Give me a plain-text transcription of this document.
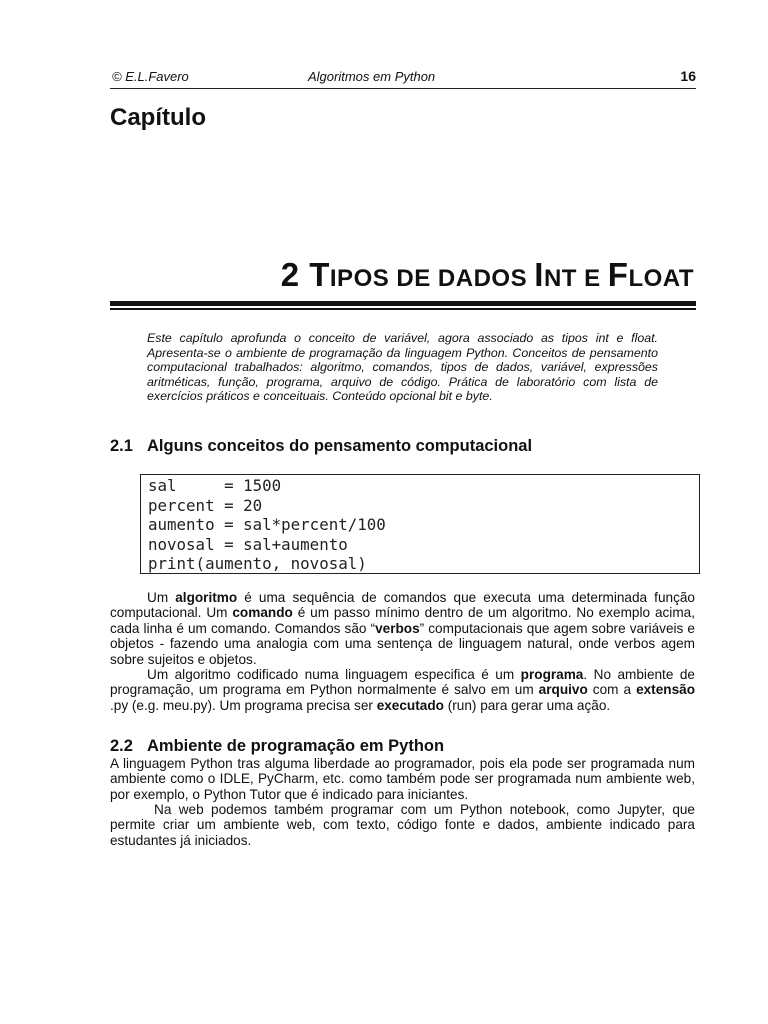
© E.L.Favero	Algoritmos em Python	16
Capítulo
2 TIPOS DE DADOS INT E FLOAT
Este capítulo aprofunda o conceito de variável, agora associado as tipos int e float. Apresenta-se o ambiente de programação da linguagem Python. Conceitos de pensamento computacional trabalhados: algoritmo, comandos, tipos de dados, variável, expressões aritméticas, função, programa, arquivo de código. Prática de laboratório com lista de exercícios práticos e conceituais. Conteúdo opcional bit e byte.
2.1 Alguns conceitos do pensamento computacional
sal     = 1500
percent = 20
aumento = sal*percent/100
novosal = sal+aumento
print(aumento, novosal)
Um algoritmo é uma sequência de comandos que executa uma determinada função computacional. Um comando é um passo mínimo dentro de um algoritmo. No exemplo acima, cada linha é um comando. Comandos são “verbos” computacionais que agem sobre variáveis e objetos - fazendo uma analogia com uma sentença de linguagem natural, onde verbos agem sobre sujeitos e objetos.
Um algoritmo codificado numa linguagem especifica é um programa. No ambiente de programação, um programa em Python normalmente é salvo em um arquivo com a extensão .py (e.g. meu.py). Um programa precisa ser executado (run) para gerar uma ação.
2.2 Ambiente de programação em Python
A linguagem Python tras alguma liberdade ao programador, pois ela pode ser programada num ambiente como o IDLE, PyCharm, etc. como também pode ser programada num ambiente web, por exemplo, o Python Tutor que é indicado para iniciantes.
Na web podemos também programar com um Python notebook, como Jupyter, que permite criar um ambiente web, com texto, código fonte e dados, ambiente indicado para estudantes já iniciados.
